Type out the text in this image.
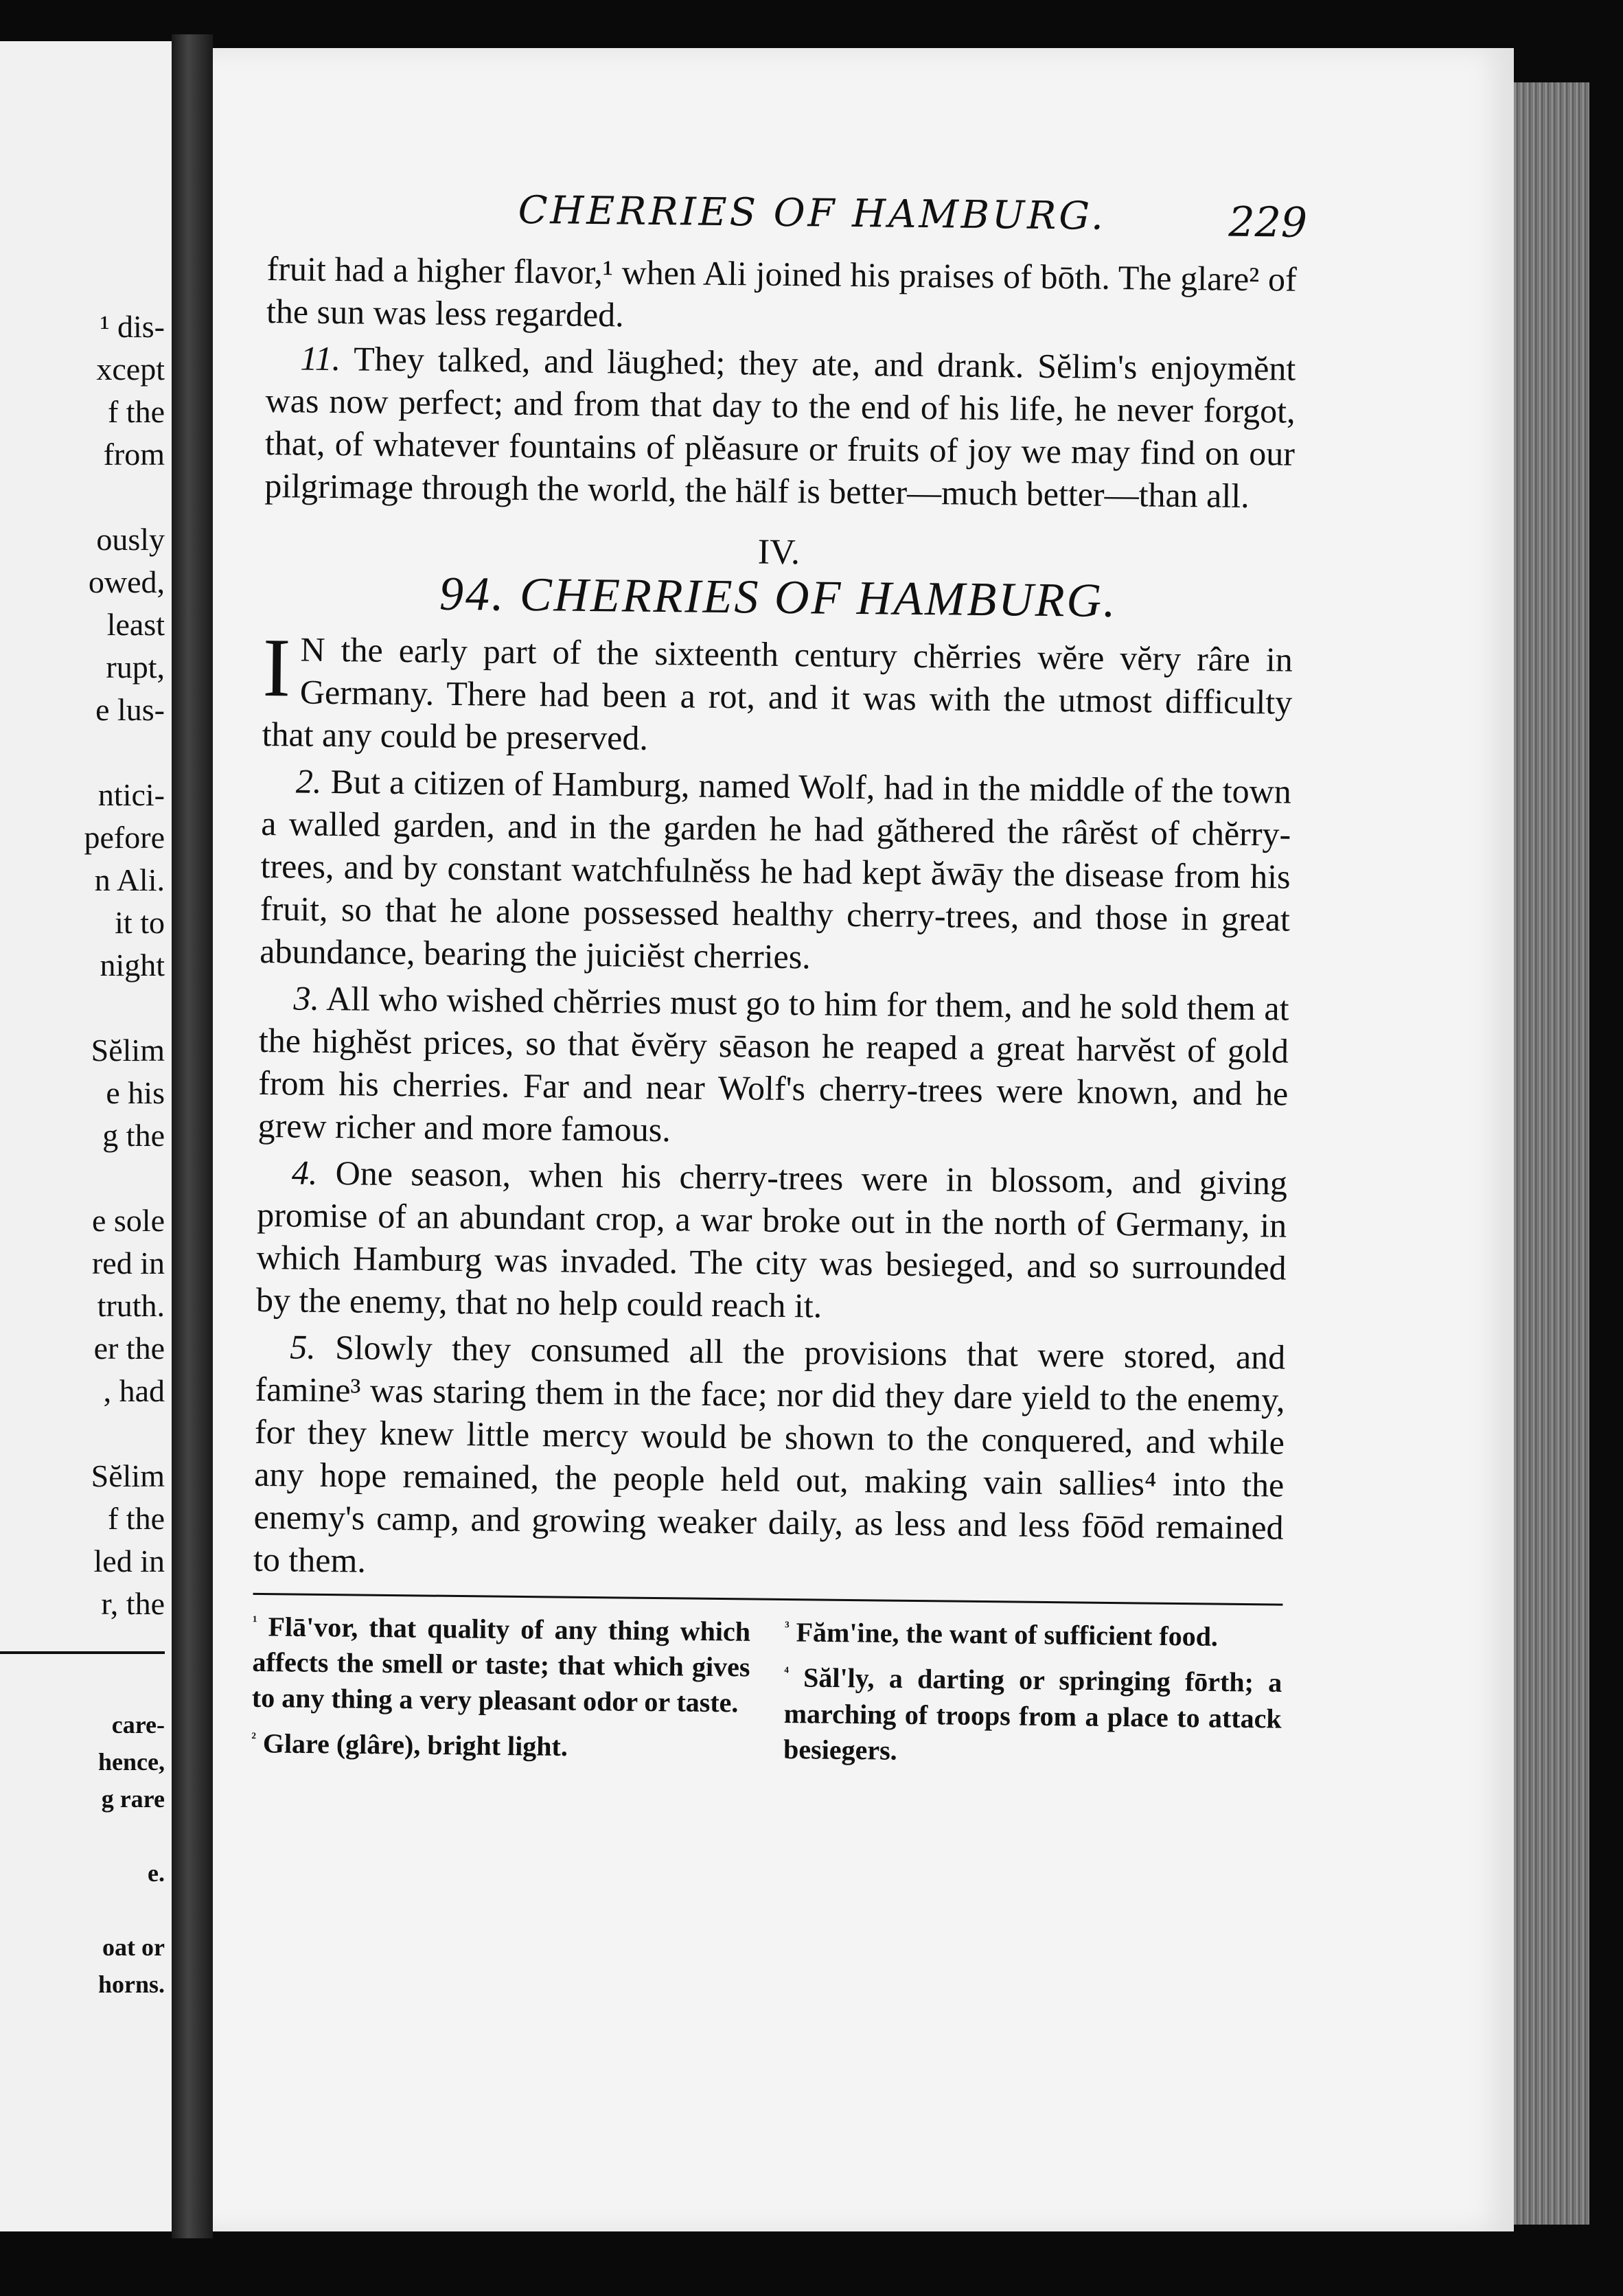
¹ dis-
xcept
f the
from

ously
owed,
least
rupt,
e lus-

ntici-
pefore
n Ali.
it to
night

Sĕlim
e his
g the

e sole
red in
truth.
er the
, had

Sĕlim
f the
led in
r, the
care-
hence,
g rare

e.

oat or
horns.
CHERRIES OF HAMBURG.	229

fruit had a higher flavor,¹ when Ali joined his praises of bōth. The glare² of the sun was less regarded.

11. They talked, and läughed; they ate, and drank. Sĕlim's enjoymĕnt was now perfect; and from that day to the end of his life, he never forgot, that, of whatever fountains of plĕasure or fruits of joy we may find on our pilgrimage through the world, the hälf is better—much better—than all.

IV.
94. CHERRIES OF HAMBURG.

I N the early part of the sixteenth century chĕrries wĕre vĕry râre in Germany. There had been a rot, and it was with the utmost difficulty that any could be preserved.

2. But a citizen of Hamburg, named Wolf, had in the middle of the town a walled garden, and in the garden he had găthered the rârĕst of chĕrry-trees, and by constant watchfulnĕss he had kept ăwāy the disease from his fruit, so that he alone possessed healthy cherry-trees, and those in great abundance, bearing the juiciĕst cherries.

3. All who wished chĕrries must go to him for them, and he sold them at the highĕst prices, so that ĕvĕry sēason he reaped a great harvĕst of gold from his cherries. Far and near Wolf's cherry-trees were known, and he grew richer and more famous.

4. One season, when his cherry-trees were in blossom, and giving promise of an abundant crop, a war broke out in the north of Germany, in which Hamburg was invaded. The city was besieged, and so surrounded by the enemy, that no help could reach it.

5. Slowly they consumed all the provisions that were stored, and famine³ was staring them in the face; nor did they dare yield to the enemy, for they knew little mercy would be shown to the conquered, and while any hope remained, the people held out, making vain sallies⁴ into the enemy's camp, and growing weaker daily, as less and less fōōd remained to them.

$^{^1}$ Flā'vor, that quality of any thing which affects the smell or taste; that which gives to any thing a very pleasant odor or taste.

$^{^2}$ Glare (glâre), bright light.

$^{^3}$ Făm'ine, the want of sufficient food.

$^{^4}$ Săl'ly, a darting or springing fōrth; a marching of troops from a place to attack besiegers.
